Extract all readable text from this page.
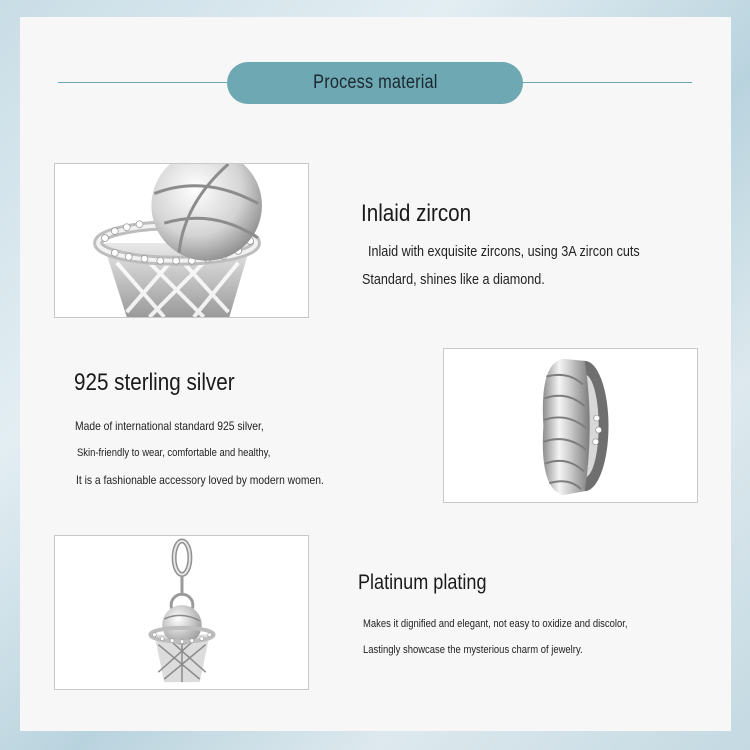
Process material
Inlaid zircon
Inlaid with exquisite zircons, using 3A zircon cuts
Standard, shines like a diamond.
925 sterling silver
Made of international standard 925 silver,
Skin-friendly to wear, comfortable and healthy,
It is a fashionable accessory loved by modern women.
Platinum plating
Makes it dignified and elegant, not easy to oxidize and discolor,
Lastingly showcase the mysterious charm of jewelry.
